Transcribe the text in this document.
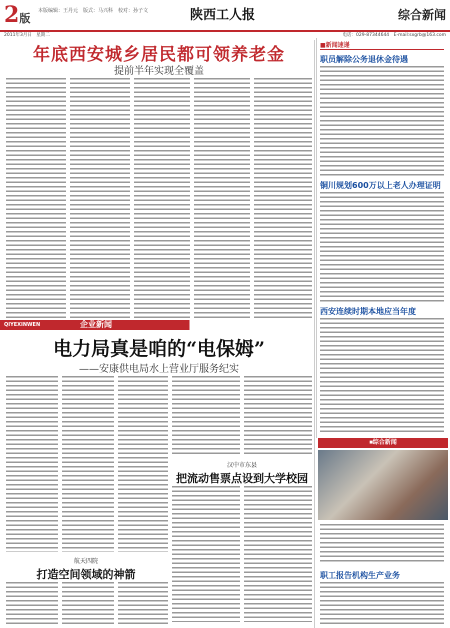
2版
本版编辑：王丹元　版式：马兴科　校对：孙子文	陕西工人报	综合新闻
2011年3月日　星期二	电话：029-87344644　E-mail:sxgrb@163.com
年底西安城乡居民都可领养老金
提前半年实现全覆盖
■新闻速递
职员解除公务退休金待遇
铜川规划600万以上老人办理证明
西安连续时期本地应当年度
QIYEXINWEN	企业新闻
电力局真是咱的“电保姆”
——安康供电局水上营业厅服务纪实
汉中市东县
把流动售票点设到大学校园
航天四院
打造空间领域的神箭
■综合新闻
职工报告机构生产业务
